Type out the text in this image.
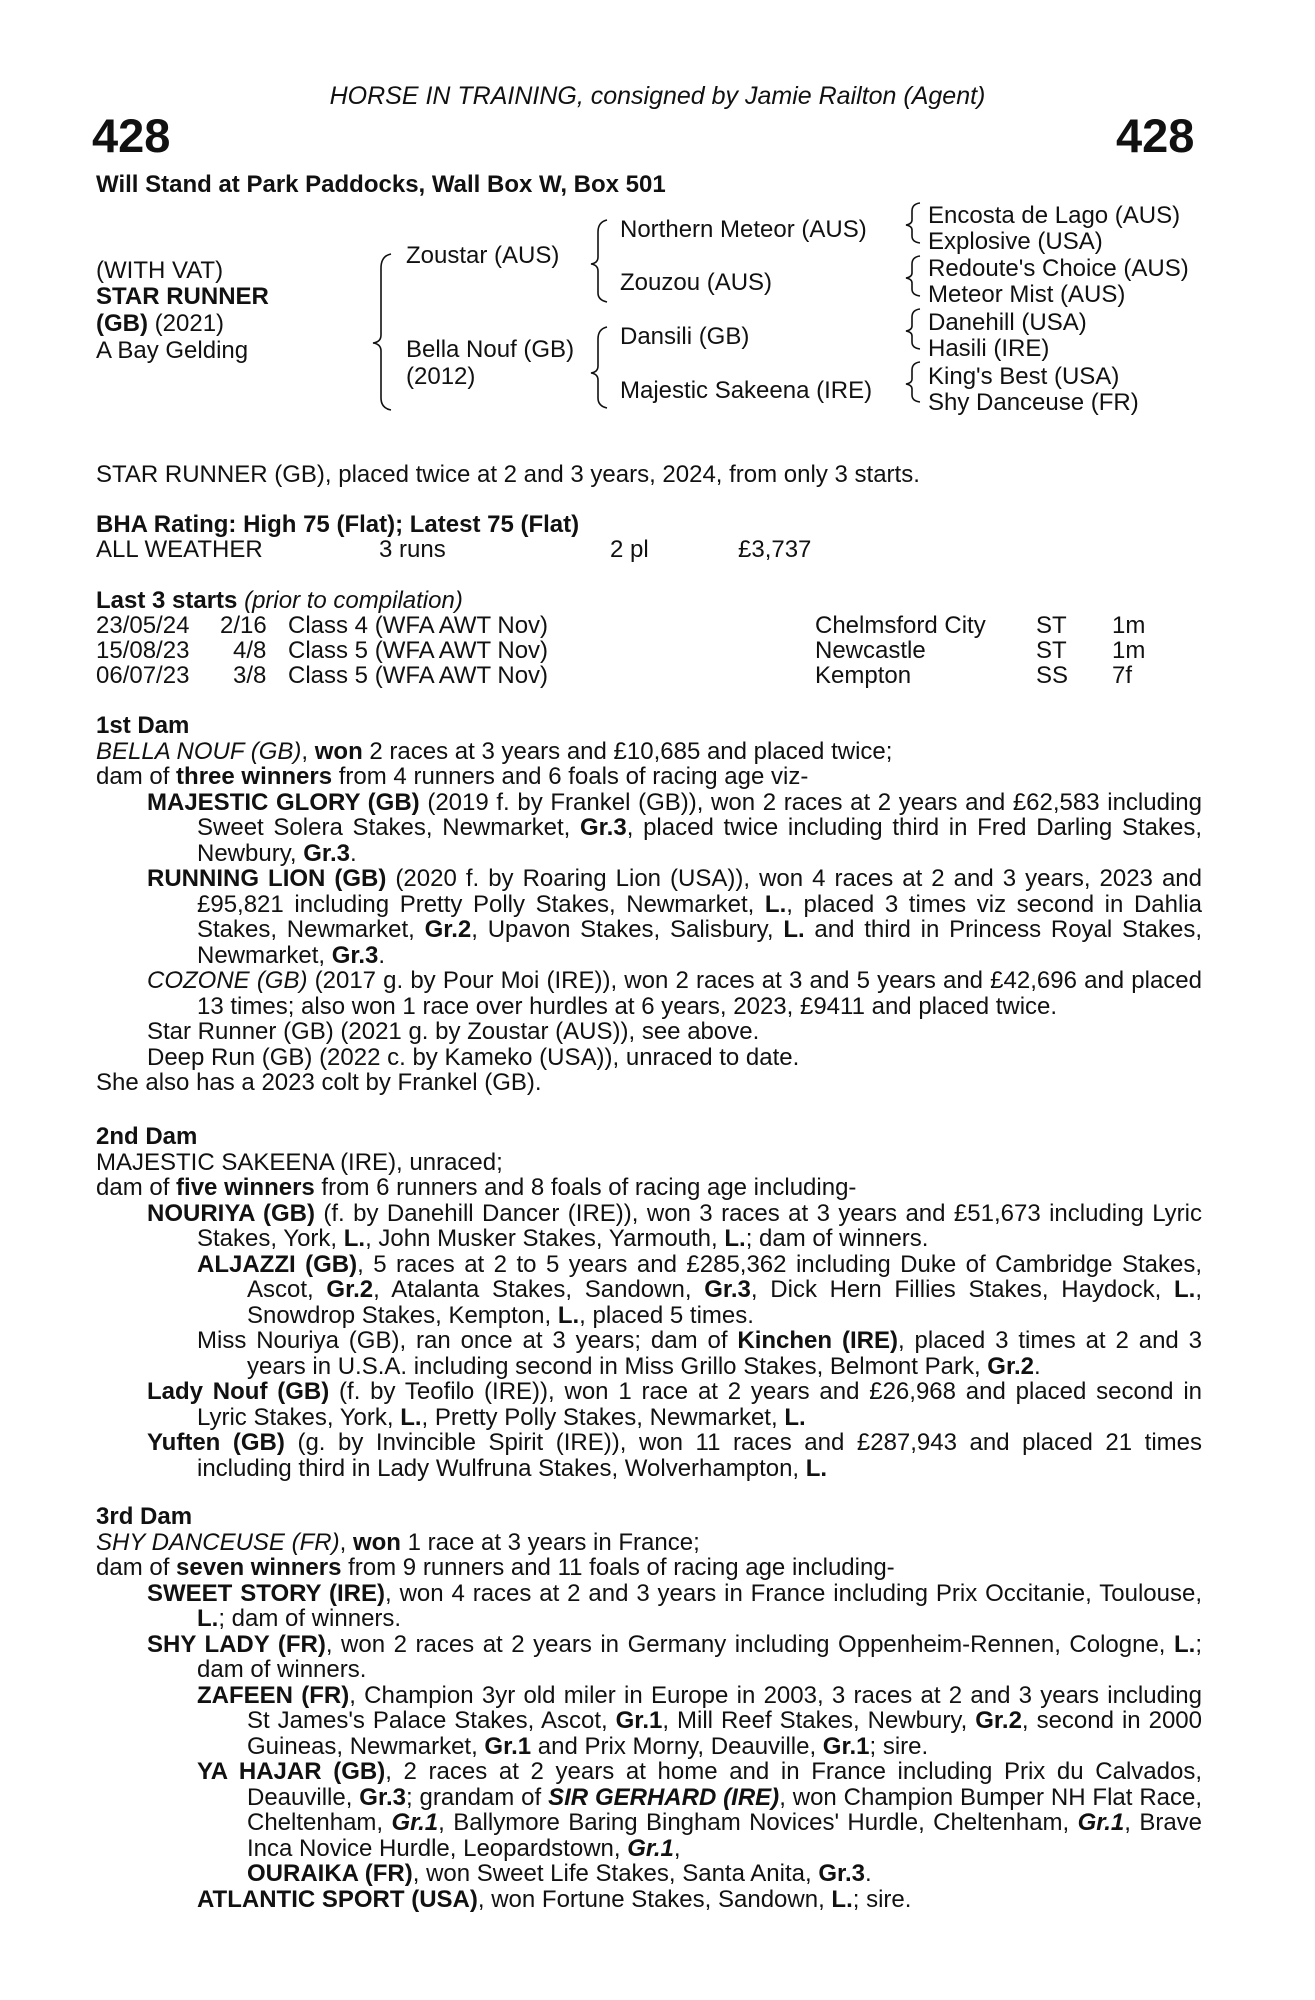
HORSE IN TRAINING, consigned by Jamie Railton (Agent)
428	428
Will Stand at Park Paddocks, Wall Box W, Box 501
(WITH VAT)
STAR RUNNER
(GB) (2021)
A Bay Gelding
Zoustar (AUS)
Bella Nouf (GB)
(2012)
Northern Meteor (AUS)
Zouzou (AUS)
Dansili (GB)
Majestic Sakeena (IRE)
Encosta de Lago (AUS)
Explosive (USA)
Redoute's Choice (AUS)
Meteor Mist (AUS)
Danehill (USA)
Hasili (IRE)
King's Best (USA)
Shy Danceuse (FR)
STAR RUNNER (GB), placed twice at 2 and 3 years, 2024, from only 3 starts.
BHA Rating: High 75 (Flat); Latest 75 (Flat)
ALL WEATHER	3 runs	2 pl	£3,737
Last 3 starts (prior to compilation)
23/05/24 2/16 Class 4 (WFA AWT Nov)	Chelmsford City ST 1m
15/08/23 4/8 Class 5 (WFA AWT Nov)	Newcastle	ST 1m
06/07/23 3/8 Class 5 (WFA AWT Nov)	Kempton	SS 7f

1st Dam

BELLA NOUF (GB), won 2 races at 3 years and £10,685 and placed twice;

dam of three winners from 4 runners and 6 foals of racing age viz-

MAJESTIC GLORY (GB) (2019 f. by Frankel (GB)), won 2 races at 2 years and £62,583 including Sweet Solera Stakes, Newmarket, Gr.3, placed twice including third in Fred Darling Stakes, Newbury, Gr.3.

RUNNING LION (GB) (2020 f. by Roaring Lion (USA)), won 4 races at 2 and 3 years, 2023 and £95,821 including Pretty Polly Stakes, Newmarket, L., placed 3 times viz second in Dahlia Stakes, Newmarket, Gr.2, Upavon Stakes, Salisbury, L. and third in Princess Royal Stakes, Newmarket, Gr.3.

COZONE (GB) (2017 g. by Pour Moi (IRE)), won 2 races at 3 and 5 years and £42,696 and placed 13 times; also won 1 race over hurdles at 6 years, 2023, £9411 and placed twice.

Star Runner (GB) (2021 g. by Zoustar (AUS)), see above.

Deep Run (GB) (2022 c. by Kameko (USA)), unraced to date.

She also has a 2023 colt by Frankel (GB).

2nd Dam

MAJESTIC SAKEENA (IRE), unraced;

dam of five winners from 6 runners and 8 foals of racing age including-

NOURIYA (GB) (f. by Danehill Dancer (IRE)), won 3 races at 3 years and £51,673 including Lyric Stakes, York, L., John Musker Stakes, Yarmouth, L.; dam of winners.

ALJAZZI (GB), 5 races at 2 to 5 years and £285,362 including Duke of Cambridge Stakes, Ascot, Gr.2, Atalanta Stakes, Sandown, Gr.3, Dick Hern Fillies Stakes, Haydock, L., Snowdrop Stakes, Kempton, L., placed 5 times.

Miss Nouriya (GB), ran once at 3 years; dam of Kinchen (IRE), placed 3 times at 2 and 3 years in U.S.A. including second in Miss Grillo Stakes, Belmont Park, Gr.2.

Lady Nouf (GB) (f. by Teofilo (IRE)), won 1 race at 2 years and £26,968 and placed second in Lyric Stakes, York, L., Pretty Polly Stakes, Newmarket, L.

Yuften (GB) (g. by Invincible Spirit (IRE)), won 11 races and £287,943 and placed 21 times including third in Lady Wulfruna Stakes, Wolverhampton, L.

3rd Dam

SHY DANCEUSE (FR), won 1 race at 3 years in France;

dam of seven winners from 9 runners and 11 foals of racing age including-

SWEET STORY (IRE), won 4 races at 2 and 3 years in France including Prix Occitanie, Toulouse, L.; dam of winners.

SHY LADY (FR), won 2 races at 2 years in Germany including Oppenheim-Rennen, Cologne, L.; dam of winners.

ZAFEEN (FR), Champion 3yr old miler in Europe in 2003, 3 races at 2 and 3 years including St James's Palace Stakes, Ascot, Gr.1, Mill Reef Stakes, Newbury, Gr.2, second in 2000 Guineas, Newmarket, Gr.1 and Prix Morny, Deauville, Gr.1; sire.

YA HAJAR (GB), 2 races at 2 years at home and in France including Prix du Calvados, Deauville, Gr.3; grandam of SIR GERHARD (IRE), won Champion Bumper NH Flat Race, Cheltenham, Gr.1, Ballymore Baring Bingham Novices' Hurdle, Cheltenham, Gr.1, Brave Inca Novice Hurdle, Leopardstown, Gr.1,
OURAIKA (FR), won Sweet Life Stakes, Santa Anita, Gr.3.

ATLANTIC SPORT (USA), won Fortune Stakes, Sandown, L.; sire.
